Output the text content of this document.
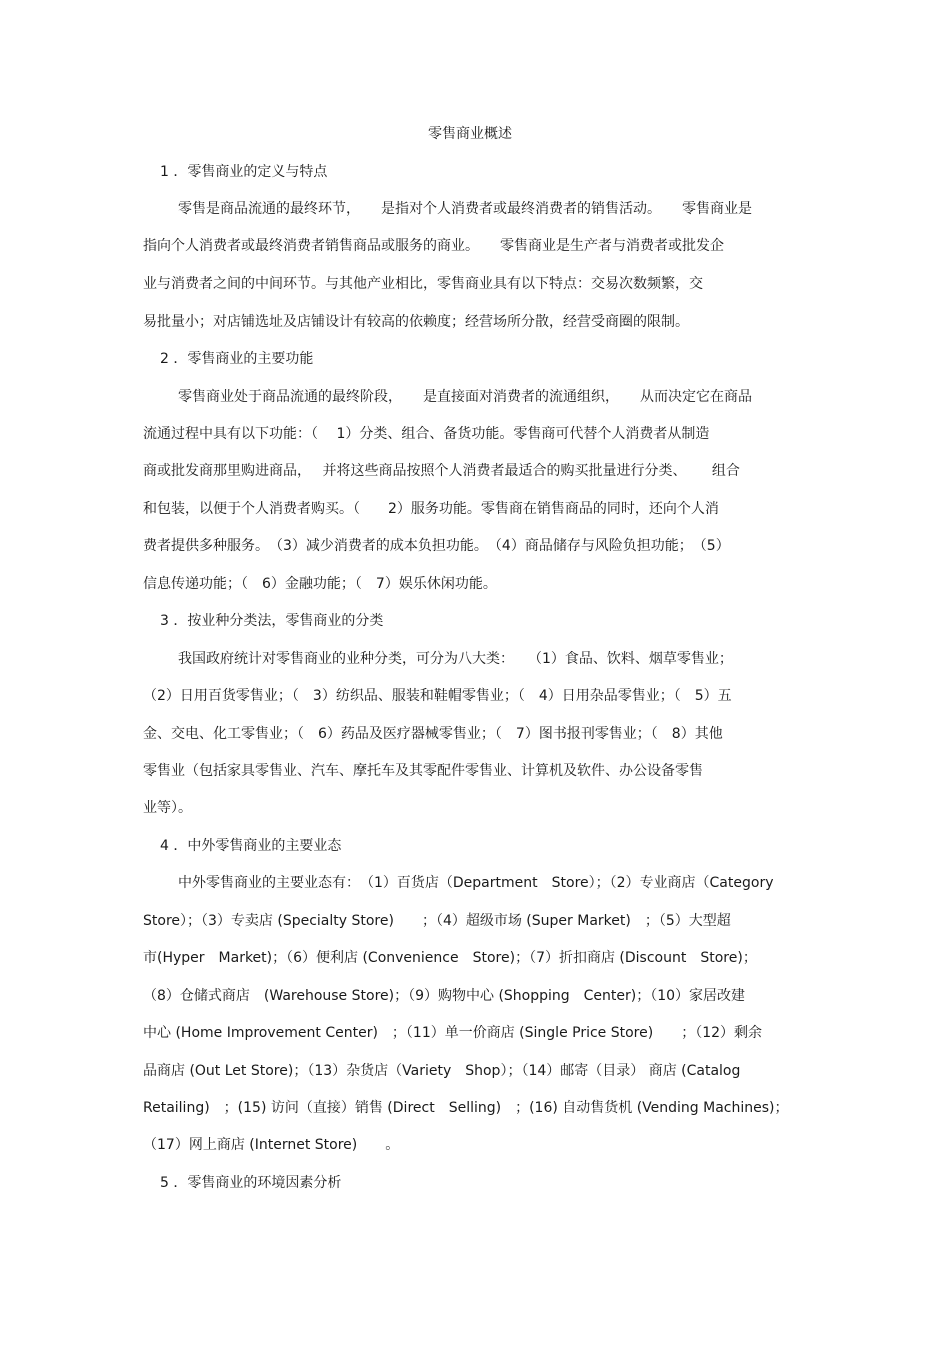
零售商业概述
1 ．零售商业的定义与特点
零售是商品流通的最终环节，　　是指对个人消费者或最终消费者的销售活动。　　零售商业是
指向个人消费者或最终消费者销售商品或服务的商业。　　零售商业是生产者与消费者或批发企
业与消费者之间的中间环节。与其他产业相比，零售商业具有以下特点：交易次数频繁，交
易批量小；对店铺选址及店铺设计有较高的依赖度；经营场所分散，经营受商圈的限制。
2 ．零售商业的主要功能
零售商业处于商品流通的最终阶段，　　是直接面对消费者的流通组织，　　从而决定它在商品
流通过程中具有以下功能：（　 1）分类、组合、备货功能。零售商可代替个人消费者从制造
商或批发商那里购进商品，　 并将这些商品按照个人消费者最适合的购买批量进行分类、　　 组合
和包装，以便于个人消费者购买。（　　2）服务功能。零售商在销售商品的同时，还向个人消
费者提供多种服务。　（3）减少消费者的成本负担功能。　（4）商品储存与风险负担功能；　（5）
信息传递功能；（　6）金融功能；（　7）娱乐休闲功能。
3 ．按业种分类法，零售商业的分类
我国政府统计对零售商业的业种分类，可分为八大类：　　（1）食品、饮料、烟草零售业；
（2）日用百货零售业；（　3）纺织品、服装和鞋帽零售业；（　4）日用杂品零售业；（　5）五
金、交电、化工零售业；（　6）药品及医疗器械零售业；（　7）图书报刊零售业；（　8）其他
零售业（包括家具零售业、汽车、摩托车及其零配件零售业、计算机及软件、办公设备零售
业等）。
4 ．中外零售商业的主要业态
中外零售商业的主要业态有：　（1）百货店（Department　Store）；（2）专业商店（Category
Store）；（3）专卖店 (Specialty Store)　　；（4）超级市场 (Super Market)　；（5）大型超
市(Hyper　Market)；（6）便利店 (Convenience　Store)；（7）折扣商店 (Discount　Store)；
（8）仓储式商店　(Warehouse Store)；（9）购物中心 (Shopping　Center)；（10）家居改建
中心 (Home Improvement Center)　；（11）单一价商店 (Single Price Store)　　；（12）剩余
品商店 (Out Let Store)；（13）杂货店（Variety　Shop）；（14）邮寄（目录） 商店 (Catalog
Retailing)　；(15) 访问（直接）销售 (Direct　Selling)　；(16) 自动售货机 (Vending Machines)；
（17）网上商店 (Internet Store)　　。
5 ．零售商业的环境因素分析
